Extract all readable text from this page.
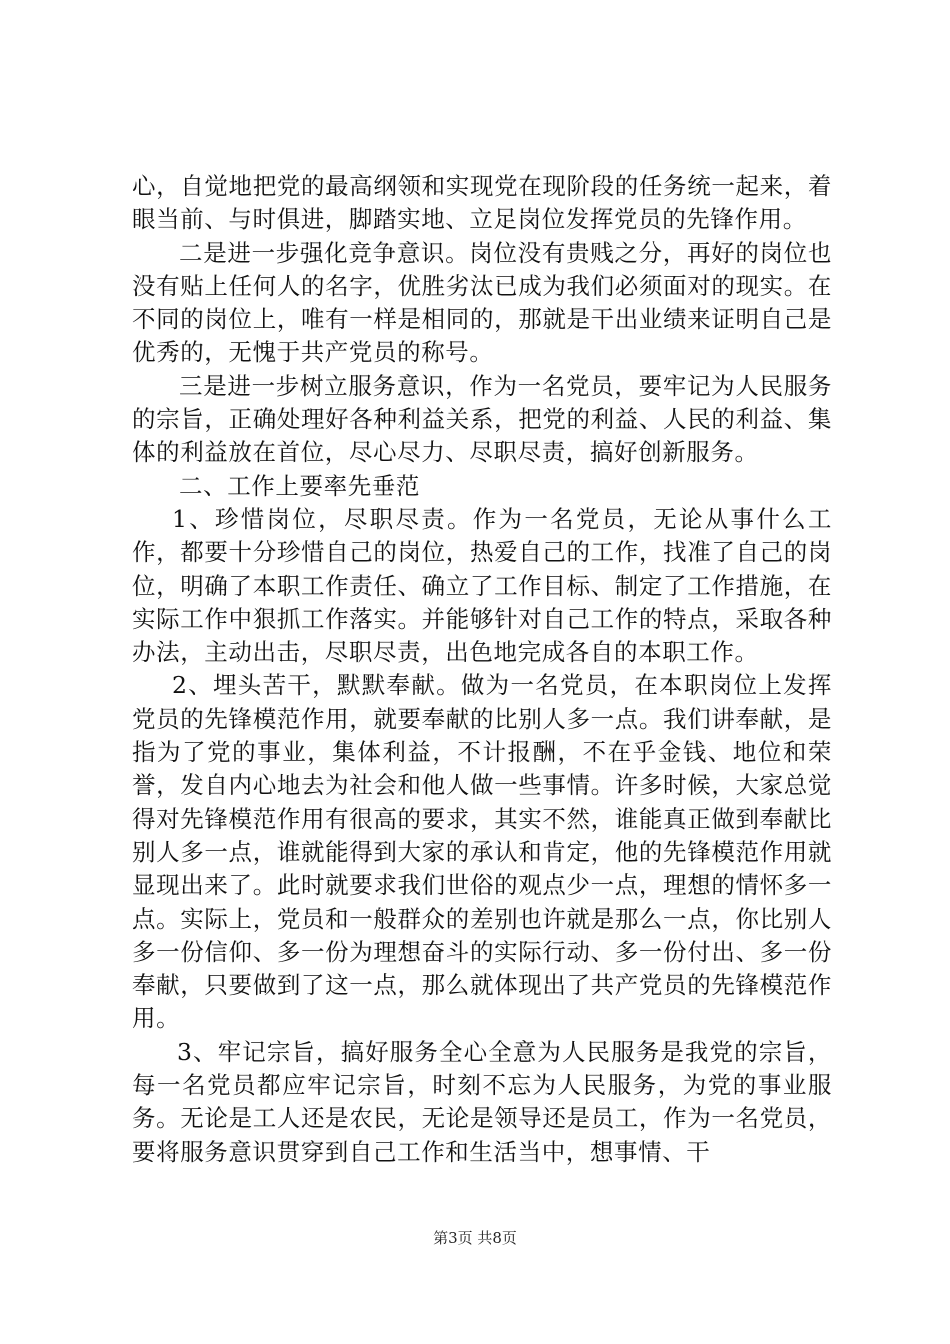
心，自觉地把党的最高纲领和实现党在现阶段的任务统一起来，着眼当前、与时俱进，脚踏实地、立足岗位发挥党员的先锋作用。

二是进一步强化竞争意识。岗位没有贵贱之分，再好的岗位也没有贴上任何人的名字，优胜劣汰已成为我们必须面对的现实。在不同的岗位上，唯有一样是相同的，那就是干出业绩来证明自己是优秀的，无愧于共产党员的称号。

三是进一步树立服务意识，作为一名党员，要牢记为人民服务的宗旨，正确处理好各种利益关系，把党的利益、人民的利益、集体的利益放在首位，尽心尽力、尽职尽责，搞好创新服务。

二、工作上要率先垂范

1、珍惜岗位，尽职尽责。作为一名党员，无论从事什么工作，都要十分珍惜自己的岗位，热爱自己的工作，找准了自己的岗位，明确了本职工作责任、确立了工作目标、制定了工作措施，在实际工作中狠抓工作落实。并能够针对自己工作的特点，采取各种办法，主动出击，尽职尽责，出色地完成各自的本职工作。

2、埋头苦干，默默奉献。做为一名党员，在本职岗位上发挥党员的先锋模范作用，就要奉献的比别人多一点。我们讲奉献，是指为了党的事业，集体利益，不计报酬，不在乎金钱、地位和荣誉，发自内心地去为社会和他人做一些事情。许多时候，大家总觉得对先锋模范作用有很高的要求，其实不然，谁能真正做到奉献比别人多一点，谁就能得到大家的承认和肯定，他的先锋模范作用就显现出来了。此时就要求我们世俗的观点少一点，理想的情怀多一点。实际上，党员和一般群众的差别也许就是那么一点，你比别人多一份信仰、多一份为理想奋斗的实际行动、多一份付出、多一份奉献，只要做到了这一点，那么就体现出了共产党员的先锋模范作用。

3、牢记宗旨，搞好服务全心全意为人民服务是我党的宗旨，每一名党员都应牢记宗旨，时刻不忘为人民服务，为党的事业服务。无论是工人还是农民，无论是领导还是员工，作为一名党员，要将服务意识贯穿到自己工作和生活当中，想事情、干

第3页 共8页
